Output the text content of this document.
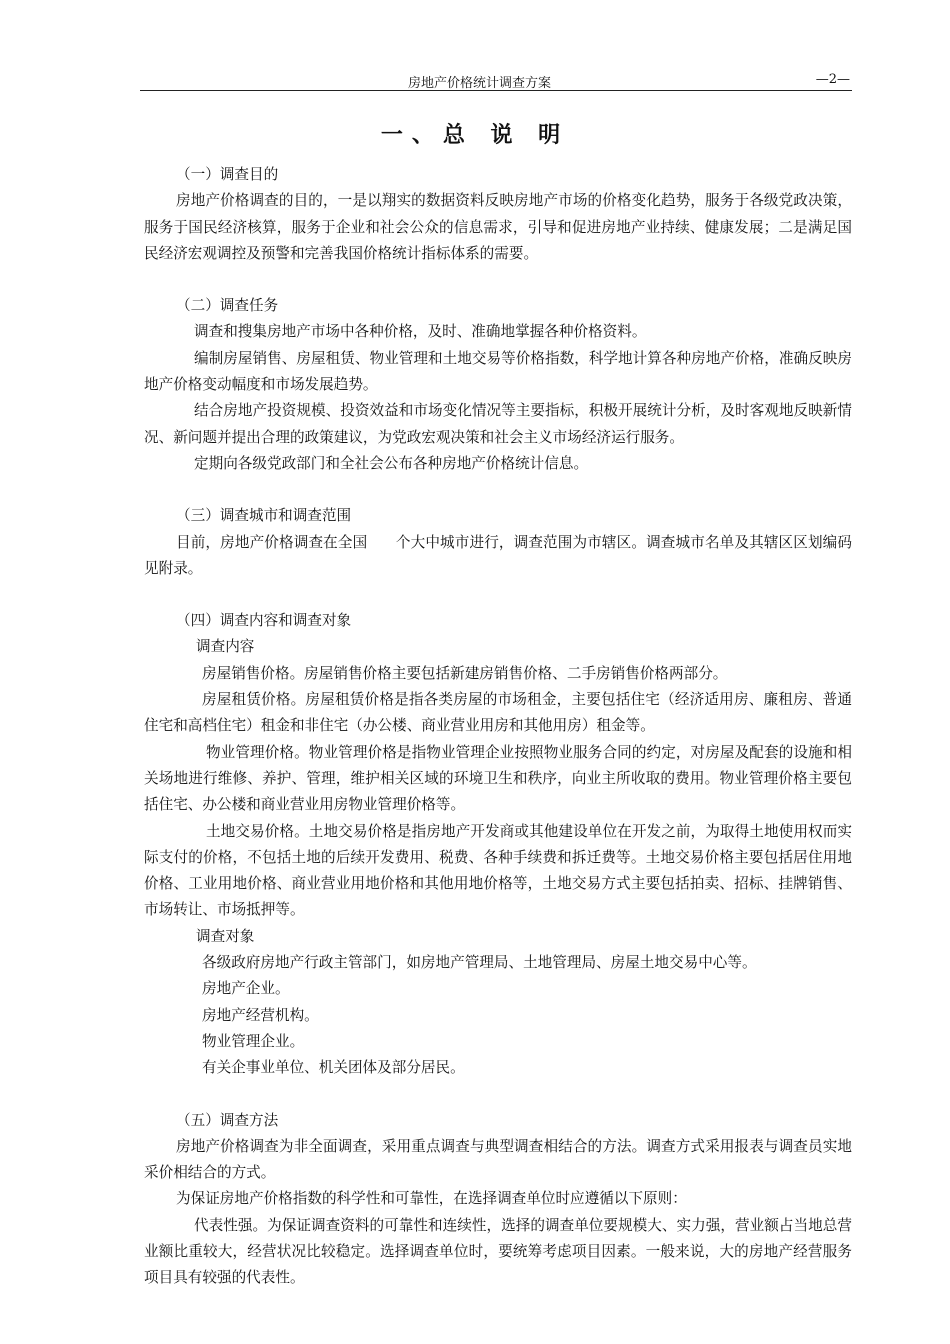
房地产价格统计调查方案	—2—
一、总 说 明

（一）调查目的

房地产价格调查的目的，一是以翔实的数据资料反映房地产市场的价格变化趋势，服务于各级党政决策，服务于国民经济核算，服务于企业和社会公众的信息需求，引导和促进房地产业持续、健康发展；二是满足国民经济宏观调控及预警和完善我国价格统计指标体系的需要。

（二）调查任务

调查和搜集房地产市场中各种价格，及时、准确地掌握各种价格资料。

编制房屋销售、房屋租赁、物业管理和土地交易等价格指数，科学地计算各种房地产价格，准确反映房地产价格变动幅度和市场发展趋势。

结合房地产投资规模、投资效益和市场变化情况等主要指标，积极开展统计分析，及时客观地反映新情况、新问题并提出合理的政策建议，为党政宏观决策和社会主义市场经济运行服务。

定期向各级党政部门和全社会公布各种房地产价格统计信息。

（三）调查城市和调查范围

目前，房地产价格调查在全国      个大中城市进行，调查范围为市辖区。调查城市名单及其辖区区划编码见附录。

（四）调查内容和调查对象

调查内容

房屋销售价格。房屋销售价格主要包括新建房销售价格、二手房销售价格两部分。

房屋租赁价格。房屋租赁价格是指各类房屋的市场租金，主要包括住宅（经济适用房、廉租房、普通住宅和高档住宅）租金和非住宅（办公楼、商业营业用房和其他用房）租金等。

物业管理价格。物业管理价格是指物业管理企业按照物业服务合同的约定，对房屋及配套的设施和相关场地进行维修、养护、管理，维护相关区域的环境卫生和秩序，向业主所收取的费用。物业管理价格主要包括住宅、办公楼和商业营业用房物业管理价格等。

土地交易价格。土地交易价格是指房地产开发商或其他建设单位在开发之前，为取得土地使用权而实际支付的价格，不包括土地的后续开发费用、税费、各种手续费和拆迁费等。土地交易价格主要包括居住用地价格、工业用地价格、商业营业用地价格和其他用地价格等，土地交易方式主要包括拍卖、招标、挂牌销售、市场转让、市场抵押等。

调查对象

各级政府房地产行政主管部门，如房地产管理局、土地管理局、房屋土地交易中心等。

房地产企业。

房地产经营机构。

物业管理企业。

有关企事业单位、机关团体及部分居民。

（五）调查方法

房地产价格调查为非全面调查，采用重点调查与典型调查相结合的方法。调查方式采用报表与调查员实地采价相结合的方式。

为保证房地产价格指数的科学性和可靠性，在选择调查单位时应遵循以下原则：

代表性强。为保证调查资料的可靠性和连续性，选择的调查单位要规模大、实力强，营业额占当地总营业额比重较大，经营状况比较稳定。选择调查单位时，要统筹考虑项目因素。一般来说，大的房地产经营服务项目具有较强的代表性。
